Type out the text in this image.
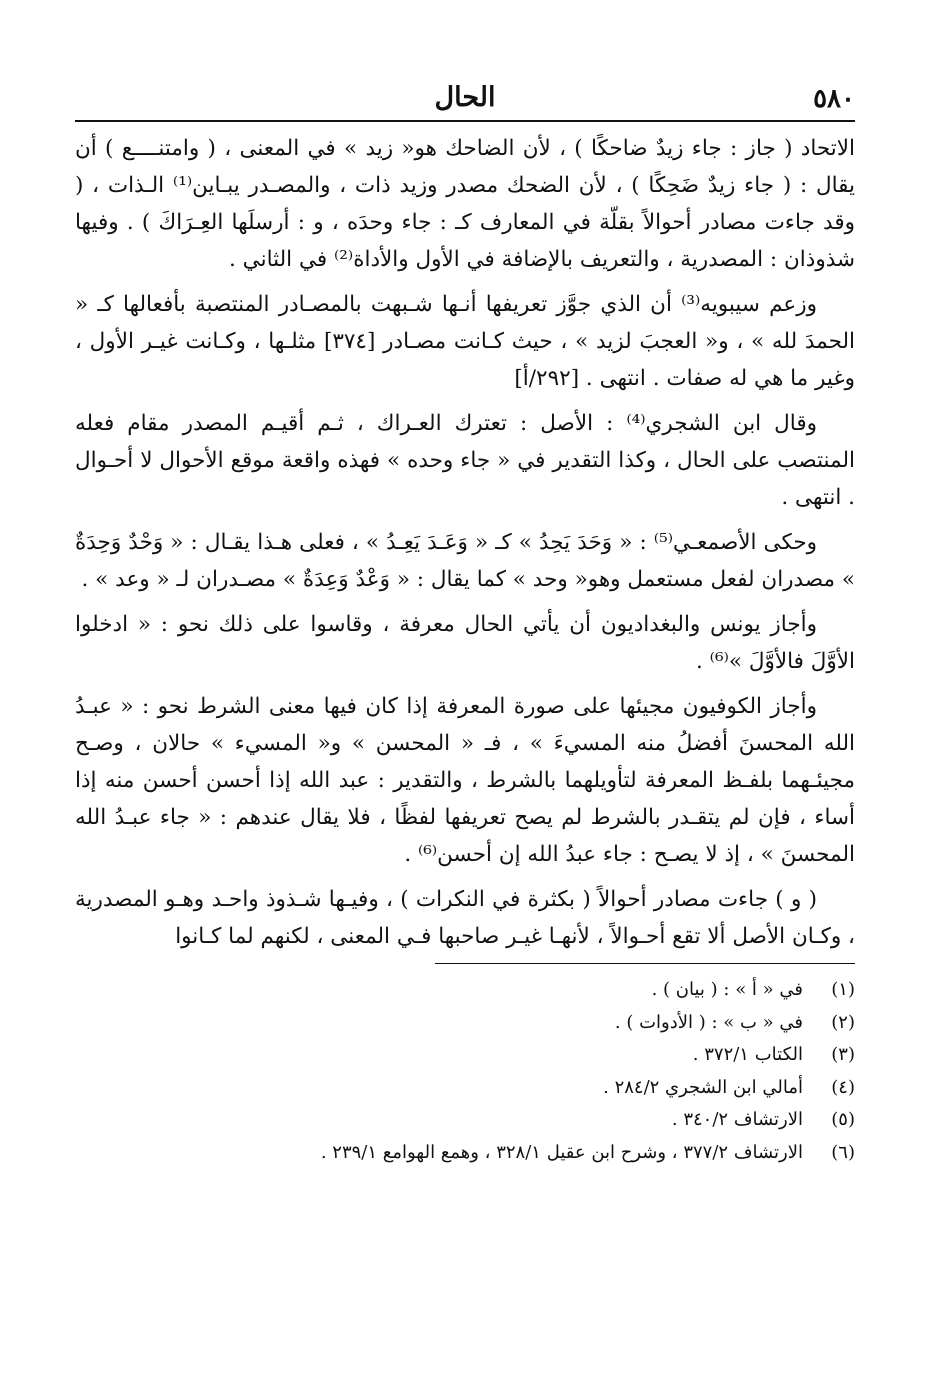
٥٨٠
الحال

الاتحاد ( جاز : جاء زيدٌ ضاحكًا ) ، لأن الضاحك هو« زيد » في المعنى ، ( وامتنــــع ) أن يقال : ( جاء زيدٌ ضَحِكًا ) ، لأن الضحك مصدر وزيد ذات ، والمصـدر يبـاين⁽¹⁾ الـذات ، ( وقد جاءت مصادر أحوالاً بقلّة في المعارف كـ : جاء وحدَه ، و : أرسلَها العِـرَاكَ ) . وفيها شذوذان : المصدرية ، والتعريف بالإضافة في الأول والأداة⁽²⁾ في الثاني .

وزعم سيبويه⁽³⁾ أن الذي جوَّز تعريفها أنـها شـبهت بالمصـادر المنتصبة بأفعالها كـ « الحمدَ لله » ، و« العجبَ لزيد » ، حيث كـانت مصـادر [٣٧٤] مثلـها ، وكـانت غيـر الأول ، وغير ما هي له صفات . انتهى . [٢٩٢/أ]

وقال ابن الشجري⁽⁴⁾ : الأصل : تعترك العـراك ، ثـم أقيـم المصدر مقام فعله المنتصب على الحال ، وكذا التقدير في « جاء وحده » فهذه واقعة موقع الأحوال لا أحـوال . انتهى .

وحكى الأصمعـي⁽⁵⁾ : « وَحَدَ يَحِدُ » كـ « وَعَـدَ يَعِـدُ » ، فعلى هـذا يقـال : « وَحْدٌ وَحِدَةٌ » مصدران لفعل مستعمل وهو« وحد » كما يقال : « وَعْدٌ وَعِدَةٌ » مصـدران لـ « وعد » .

وأجاز يونس والبغداديون أن يأتي الحال معرفة ، وقاسوا على ذلك نحو : « ادخلوا الأوَّلَ فالأوَّلَ »⁽⁶⁾ .

وأجاز الكوفيون مجيئها على صورة المعرفة إذا كان فيها معنى الشرط نحو : « عبـدُ الله المحسنَ أفضلُ منه المسيءَ » ، فـ « المحسن » و« المسيء » حالان ، وصـح مجيئـهما بلفـظ المعرفة لتأويلهما بالشرط ، والتقدير : عبد الله إذا أحسن أحسن منه إذا أساء ، فإن لم يتقـدر بالشرط لم يصح تعريفها لفظًا ، فلا يقال عندهم : « جاء عبـدُ الله المحسنَ » ، إذ لا يصـح : جاء عبدُ الله إن أحسن⁽⁶⁾ .

( و ) جاءت مصادر أحوالاً ( بكثرة في النكرات ) ، وفيـها شـذوذ واحـد وهـو المصدرية ، وكـان الأصل ألا تقع أحـوالاً ، لأنهـا غيـر صاحبها فـي المعنى ، لكنهم لما كـانوا

(١)
في « أ » : ( بيان ) .
(٢)
في « ب » : ( الأدوات ) .
(٣)
الكتاب ٣٧٢/١ .
(٤)
أمالي ابن الشجري ٢٨٤/٢ .
(٥)
الارتشاف ٣٤٠/٢ .
(٦)
الارتشاف ٣٧٧/٢ ، وشرح ابن عقيل ٣٢٨/١ ، وهمع الهوامع ٢٣٩/١ .
